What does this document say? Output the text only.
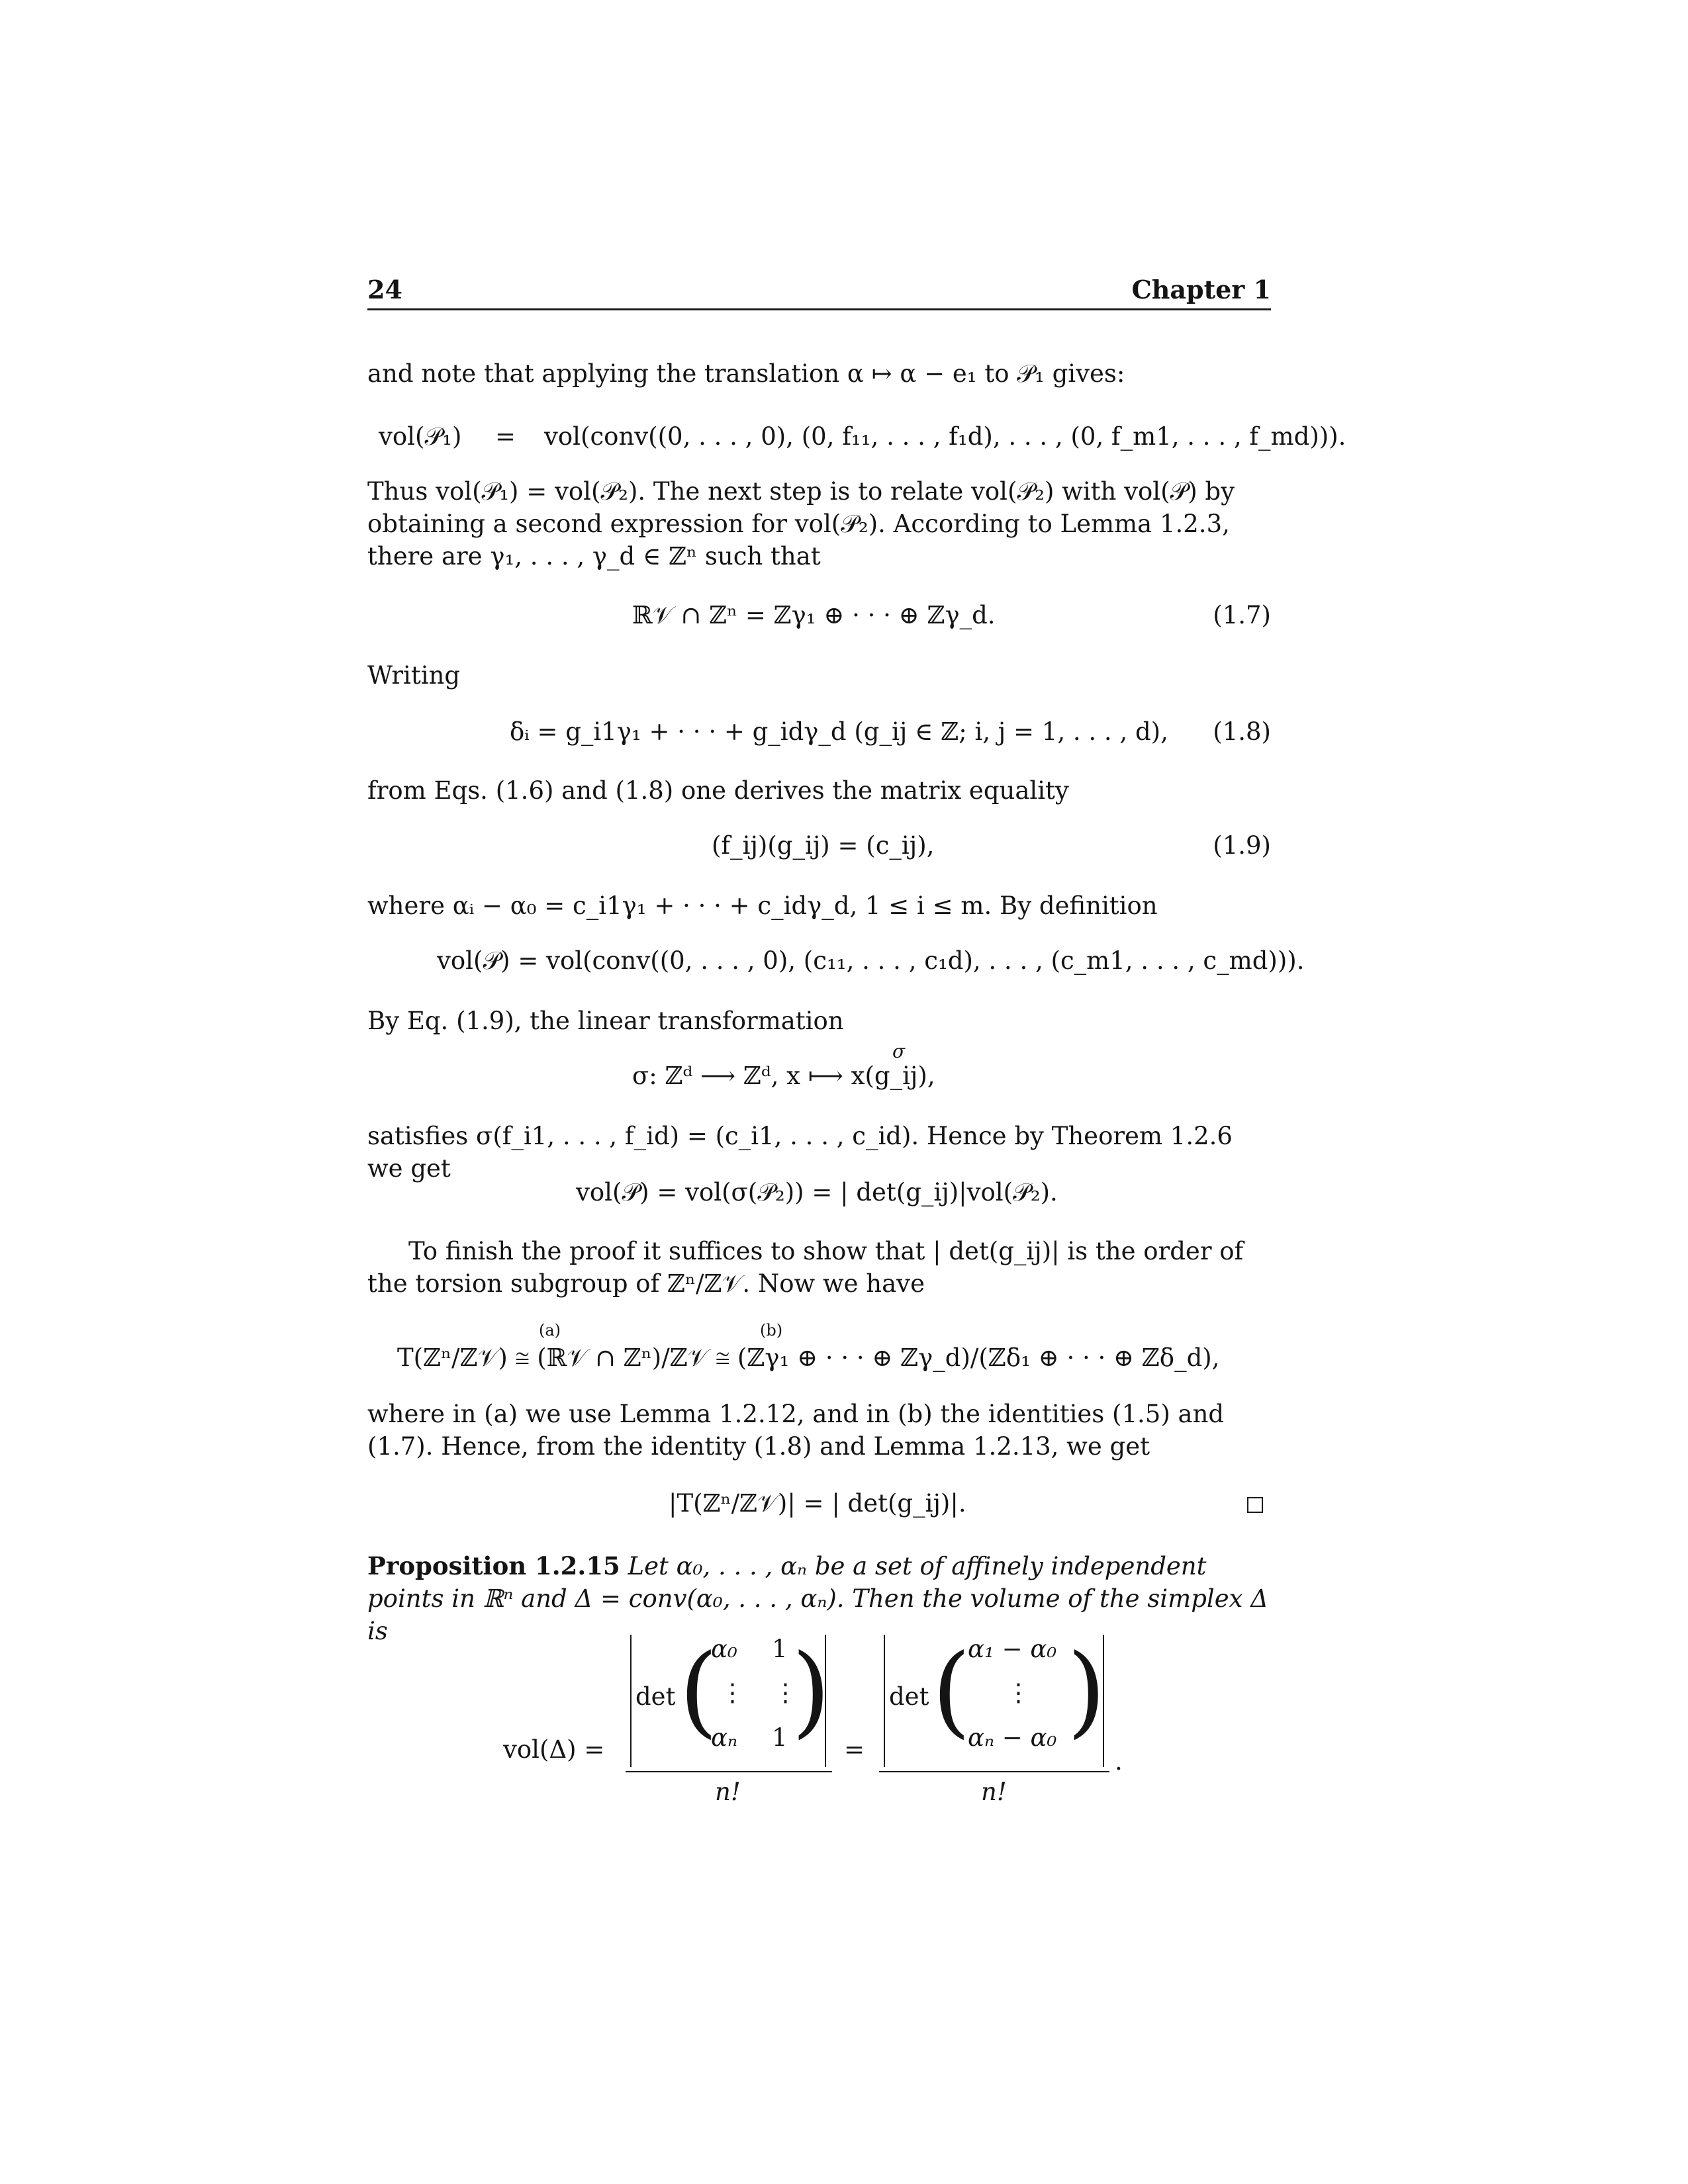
24	Chapter 1
and note that applying the translation α ↦ α − e₁ to 𝒫₁ gives:
vol(𝒫₁) = vol(conv((0, . . . , 0), (0, f₁₁, . . . , f₁d), . . . , (0, f_m1, . . . , f_md))).
Thus vol(𝒫₁) = vol(𝒫₂). The next step is to relate vol(𝒫₂) with vol(𝒫) by obtaining a second expression for vol(𝒫₂). According to Lemma 1.2.3, there are γ₁, . . . , γ_d ∈ ℤⁿ such that
ℝ𝒱 ∩ ℤⁿ = ℤγ₁ ⊕ · · · ⊕ ℤγ_d.	(1.7)
Writing
δᵢ = g_i1γ₁ + · · · + g_idγ_d (g_ij ∈ ℤ; i, j = 1, . . . , d), (1.8)
from Eqs. (1.6) and (1.8) one derives the matrix equality
(f_ij)(g_ij) = (c_ij),	(1.9)
where αᵢ − α₀ = c_i1γ₁ + · · · + c_idγ_d, 1 ≤ i ≤ m. By definition
vol(𝒫) = vol(conv((0, . . . , 0), (c₁₁, . . . , c₁d), . . . , (c_m1, . . . , c_md))).
By Eq. (1.9), the linear transformation
σ
σ: ℤᵈ ⟶ ℤᵈ, x ⟼ x(g_ij),
satisfies σ(f_i1, . . . , f_id) = (c_i1, . . . , c_id). Hence by Theorem 1.2.6 we get
vol(𝒫) = vol(σ(𝒫₂)) = | det(g_ij)|vol(𝒫₂).
To finish the proof it suffices to show that | det(g_ij)| is the order of the torsion subgroup of ℤⁿ/ℤ𝒱. Now we have
(a)	(b)
T(ℤⁿ/ℤ𝒱) ≅ (ℝ𝒱 ∩ ℤⁿ)/ℤ𝒱 ≅ (ℤγ₁ ⊕ · · · ⊕ ℤγ_d)/(ℤδ₁ ⊕ · · · ⊕ ℤδ_d),
where in (a) we use Lemma 1.2.12, and in (b) the identities (1.5) and (1.7). Hence, from the identity (1.8) and Lemma 1.2.13, we get
|T(ℤⁿ/ℤ𝒱)| = | det(g_ij)|.
Proposition 1.2.15 Let α₀, . . . , αₙ be a set of affinely independent points in ℝⁿ and Δ = conv(α₀, . . . , αₙ). Then the volume of the simplex Δ is
vol(Δ) =
det (
α₀ 1
⋮ ⋮
αₙ 1 )
n!
=
det (
α₁ − α₀
⋮
αₙ − α₀ )
n!
.
